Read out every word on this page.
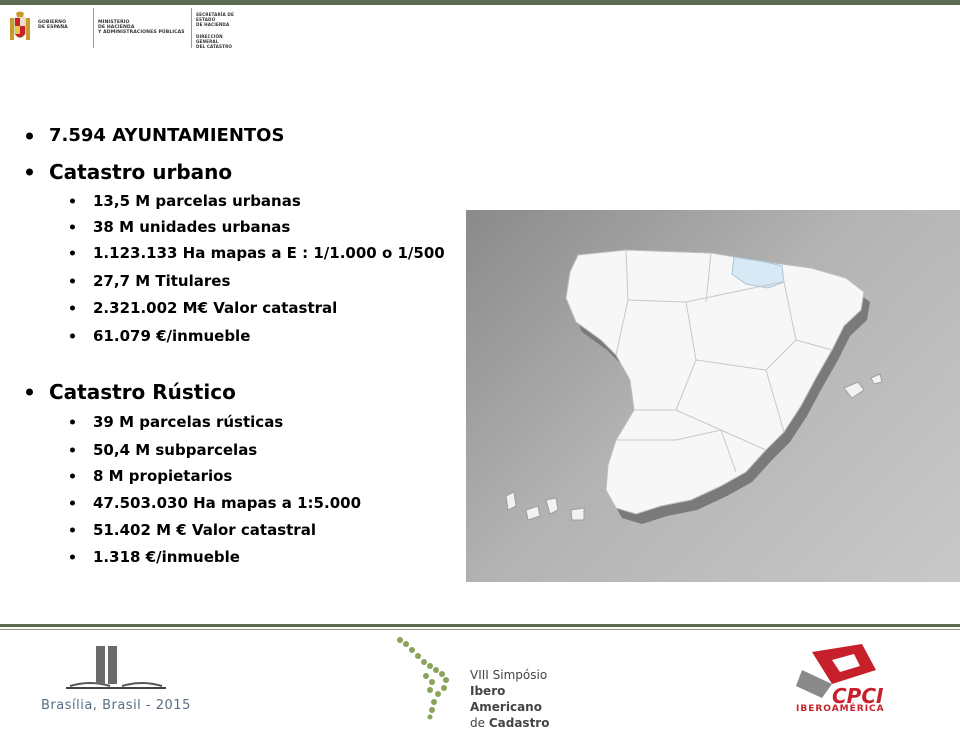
GOBIERNO
DE ESPAÑA
MINISTERIO
DE HACIENDA
Y ADMINISTRACIONES PÚBLICAS
SECRETARÍA DE ESTADO
DE HACIENDA
DIRECCIÓN GENERAL
DEL CATASTRO
7.594 AYUNTAMIENTOS
Catastro urbano
13,5 M parcelas urbanas
38 M unidades urbanas
1.123.133 Ha mapas a E : 1/1.000 o 1/500
27,7 M Titulares
2.321.002 M€ Valor catastral
61.079 €/inmueble
Catastro Rústico
39 M parcelas rústicas
50,4 M subparcelas
8 M propietarios
47.503.030 Ha mapas a 1:5.000
51.402 M € Valor catastral
1.318 €/inmueble
Brasília, Brasil - 2015
VIII Simpósio
Ibero Americano
de Cadastro
CPCI
IBEROAMÉRICA
